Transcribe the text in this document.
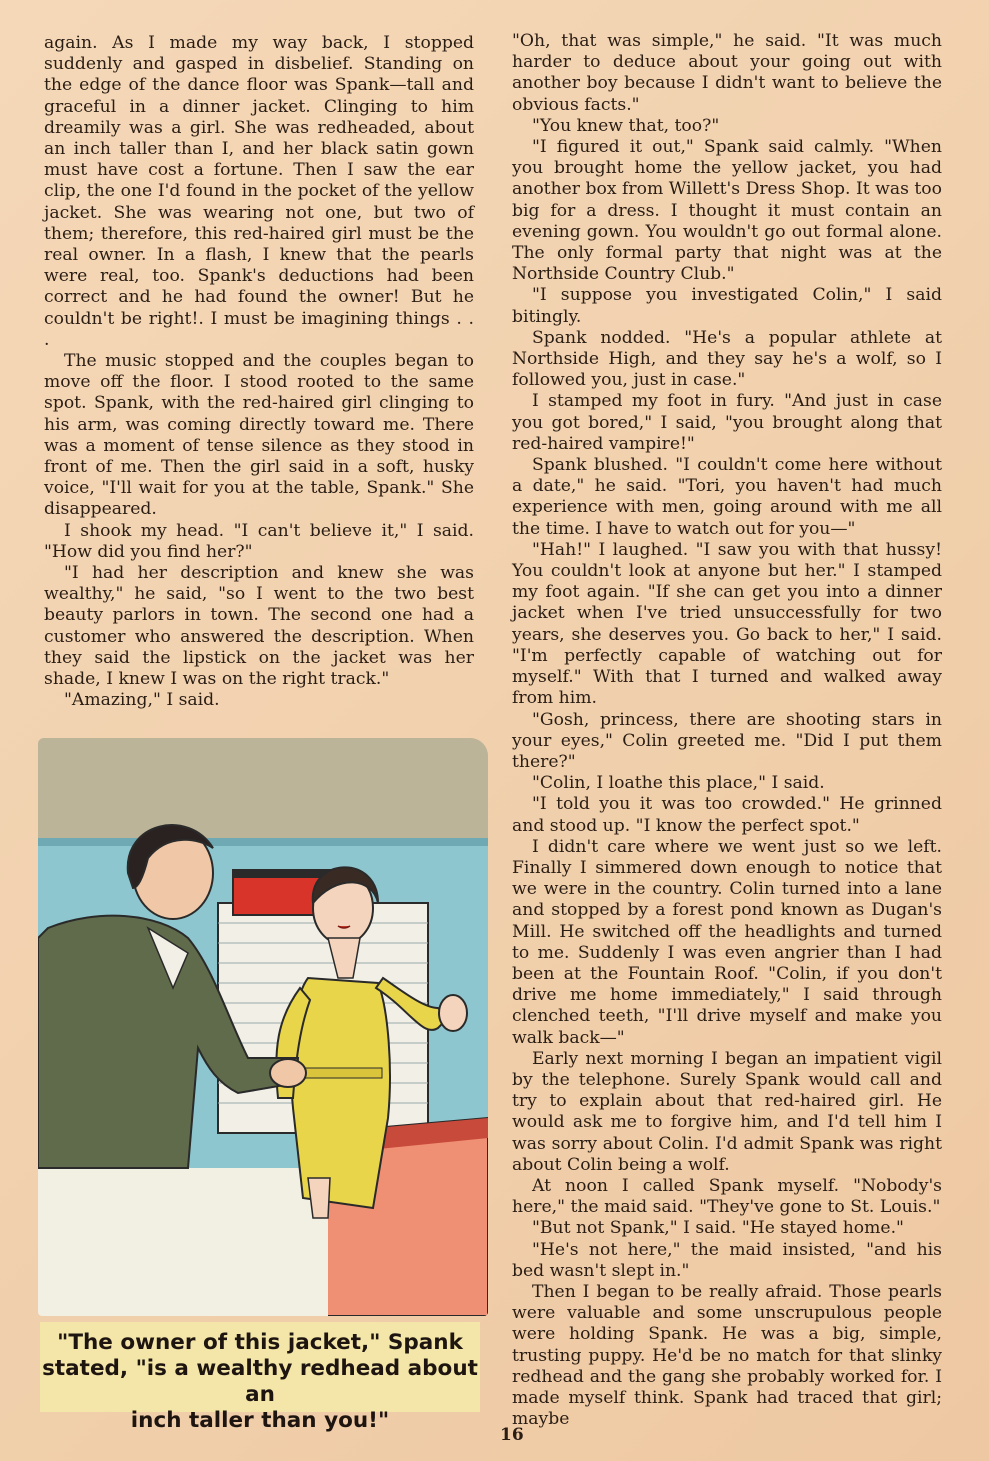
again. As I made my way back, I stopped suddenly and gasped in disbelief. Standing on the edge of the dance floor was Spank—tall and graceful in a dinner jacket. Clinging to him dreamily was a girl. She was redheaded, about an inch taller than I, and her black satin gown must have cost a fortune. Then I saw the ear clip, the one I'd found in the pocket of the yellow jacket. She was wearing not one, but two of them; therefore, this red-haired girl must be the real owner. In a flash, I knew that the pearls were real, too. Spank's deductions had been correct and he had found the owner! But he couldn't be right!. I must be imagining things . . .

The music stopped and the couples began to move off the floor. I stood rooted to the same spot. Spank, with the red-haired girl clinging to his arm, was coming directly toward me. There was a moment of tense silence as they stood in front of me. Then the girl said in a soft, husky voice, "I'll wait for you at the table, Spank." She disappeared.

I shook my head. "I can't believe it," I said. "How did you find her?"

"I had her description and knew she was wealthy," he said, "so I went to the two best beauty parlors in town. The second one had a customer who answered the description. When they said the lipstick on the jacket was her shade, I knew I was on the right track."

"Amazing," I said.

"The owner of this jacket," Spank
stated, "is a wealthy redhead about an
inch taller than you!"

"Oh, that was simple," he said. "It was much harder to deduce about your going out with another boy because I didn't want to believe the obvious facts."

"You knew that, too?"

"I figured it out," Spank said calmly. "When you brought home the yellow jacket, you had another box from Willett's Dress Shop. It was too big for a dress. I thought it must contain an evening gown. You wouldn't go out formal alone. The only formal party that night was at the Northside Country Club."

"I suppose you investigated Colin," I said bitingly.

Spank nodded. "He's a popular athlete at Northside High, and they say he's a wolf, so I followed you, just in case."

I stamped my foot in fury. "And just in case you got bored," I said, "you brought along that red-haired vampire!"

Spank blushed. "I couldn't come here without a date," he said. "Tori, you haven't had much experience with men, going around with me all the time. I have to watch out for you—"

"Hah!" I laughed. "I saw you with that hussy! You couldn't look at anyone but her." I stamped my foot again. "If she can get you into a dinner jacket when I've tried unsuccessfully for two years, she deserves you. Go back to her," I said. "I'm perfectly capable of watching out for myself." With that I turned and walked away from him.

"Gosh, princess, there are shooting stars in your eyes," Colin greeted me. "Did I put them there?"

"Colin, I loathe this place," I said.

"I told you it was too crowded." He grinned and stood up. "I know the perfect spot."

I didn't care where we went just so we left. Finally I simmered down enough to notice that we were in the country. Colin turned into a lane and stopped by a forest pond known as Dugan's Mill. He switched off the headlights and turned to me. Suddenly I was even angrier than I had been at the Fountain Roof. "Colin, if you don't drive me home immediately," I said through clenched teeth, "I'll drive myself and make you walk back—"

Early next morning I began an impatient vigil by the telephone. Surely Spank would call and try to explain about that red-haired girl. He would ask me to forgive him, and I'd tell him I was sorry about Colin. I'd admit Spank was right about Colin being a wolf.

At noon I called Spank myself. "Nobody's here," the maid said. "They've gone to St. Louis."

"But not Spank," I said. "He stayed home."

"He's not here," the maid insisted, "and his bed wasn't slept in."

Then I began to be really afraid. Those pearls were valuable and some unscrupulous people were holding Spank. He was a big, simple, trusting puppy. He'd be no match for that slinky redhead and the gang she probably worked for. I made myself think. Spank had traced that girl; maybe

16
